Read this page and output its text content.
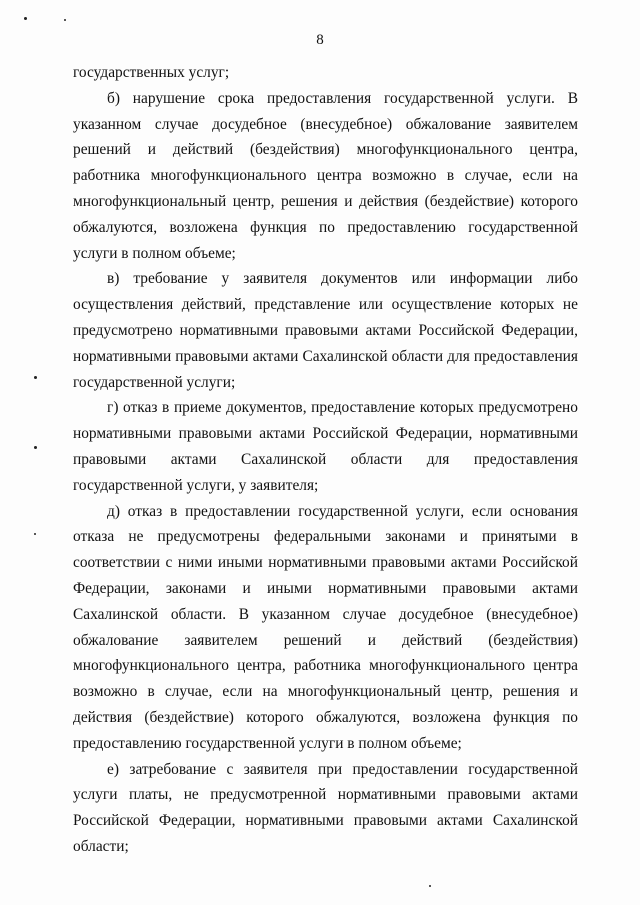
8

государственных услуг;

б) нарушение срока предоставления государственной услуги. В указанном случае досудебное (внесудебное) обжалование заявителем решений и действий (бездействия) многофункционального центра, работника многофункционального центра возможно в случае, если на многофункциональный центр, решения и действия (бездействие) которого обжалуются, возложена функция по предоставлению государственной услуги в полном объеме;

в) требование у заявителя документов или информации либо осуществления действий, представление или осуществление которых не предусмотрено нормативными правовыми актами Российской Федерации, нормативными правовыми актами Сахалинской области для предоставления государственной услуги;

г) отказ в приеме документов, предоставление которых предусмотрено нормативными правовыми актами Российской Федерации, нормативными правовыми актами Сахалинской области для предоставления государственной услуги, у заявителя;

д) отказ в предоставлении государственной услуги, если основания отказа не предусмотрены федеральными законами и принятыми в соответствии с ними иными нормативными правовыми актами Российской Федерации, законами и иными нормативными правовыми актами Сахалинской области. В указанном случае досудебное (внесудебное) обжалование заявителем решений и действий (бездействия) многофункционального центра, работника многофункционального центра возможно в случае, если на многофункциональный центр, решения и действия (бездействие) которого обжалуются, возложена функция по предоставлению государственной услуги в полном объеме;

е) затребование с заявителя при предоставлении государственной услуги платы, не предусмотренной нормативными правовыми актами Российской Федерации, нормативными правовыми актами Сахалинской области;
